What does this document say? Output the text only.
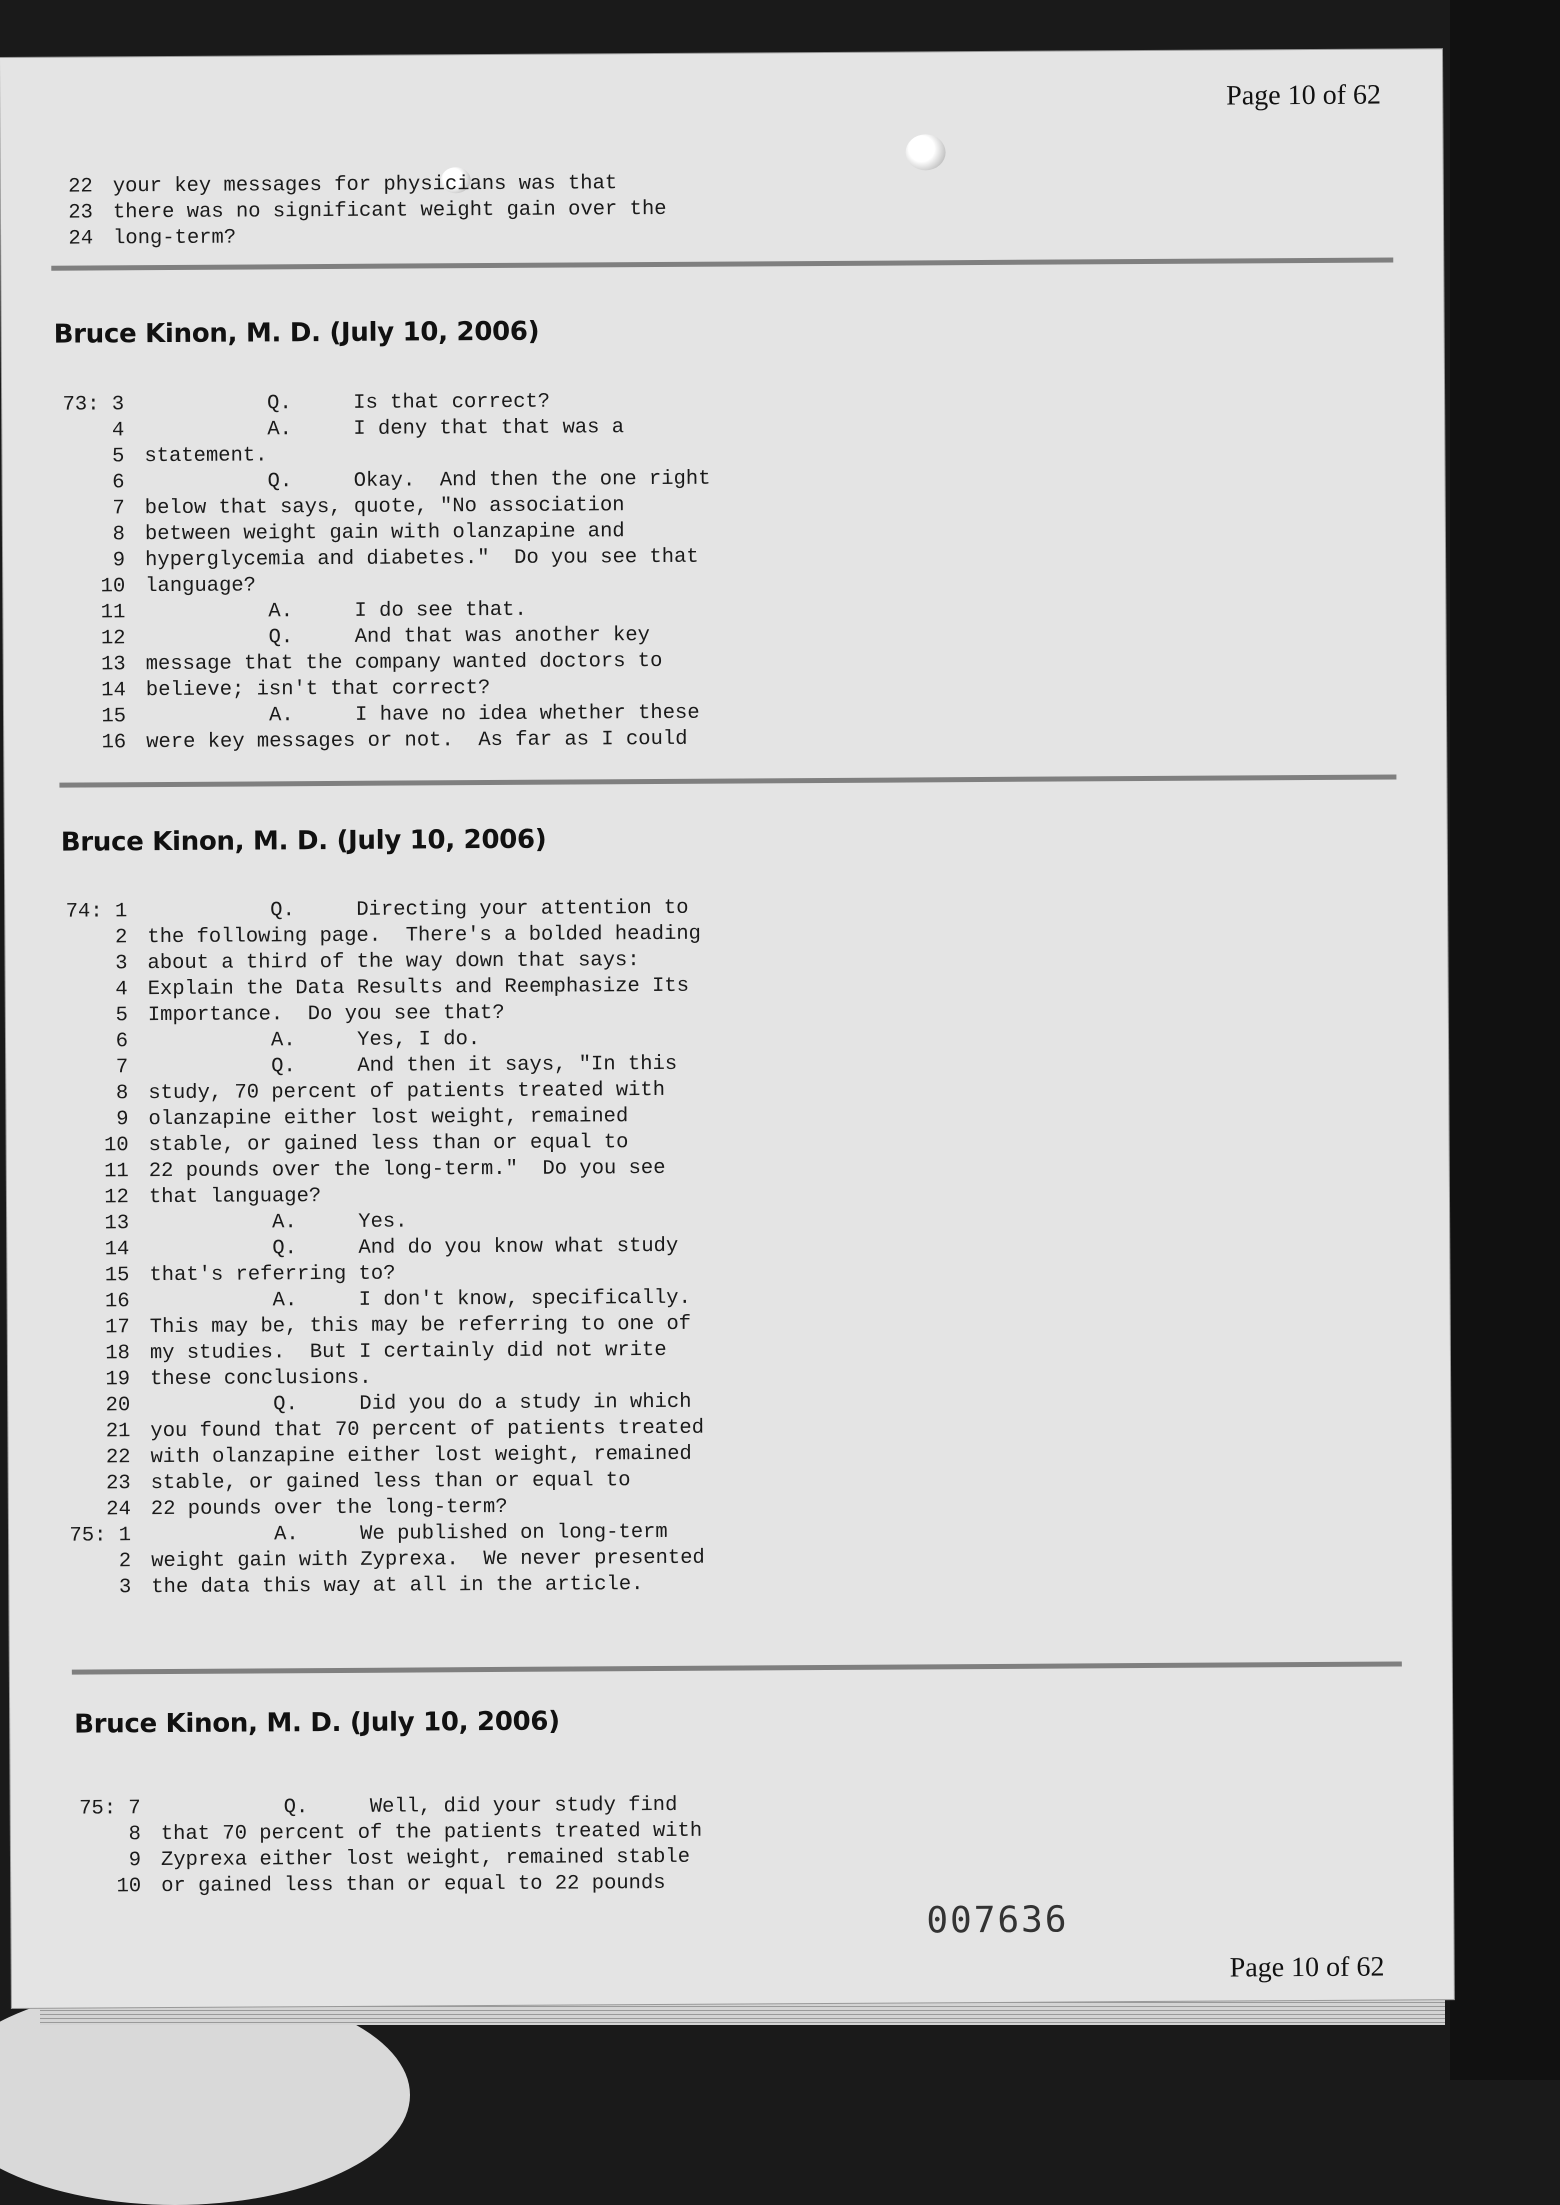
Page 10 of 62
22 your key messages for physicians was that
23 there was no significant weight gain over the
24 long-term?
Bruce Kinon, M. D. (July 10, 2006)
73: 3 Q.     Is that correct?
4 A.     I deny that that was a
5 statement.
6 Q.     Okay.  And then the one right
7 below that says, quote, "No association
8 between weight gain with olanzapine and
9 hyperglycemia and diabetes."  Do you see that
10 language?
11 A.     I do see that.
12 Q.     And that was another key
13 message that the company wanted doctors to
14 believe; isn't that correct?
15 A.     I have no idea whether these
16 were key messages or not.  As far as I could
Bruce Kinon, M. D. (July 10, 2006)
74: 1 Q.     Directing your attention to
2 the following page.  There's a bolded heading
3 about a third of the way down that says:
4 Explain the Data Results and Reemphasize Its
5 Importance.  Do you see that?
6 A.     Yes, I do.
7 Q.     And then it says, "In this
8 study, 70 percent of patients treated with
9 olanzapine either lost weight, remained
10 stable, or gained less than or equal to
11 22 pounds over the long-term."  Do you see
12 that language?
13 A.     Yes.
14 Q.     And do you know what study
15 that's referring to?
16 A.     I don't know, specifically.
17 This may be, this may be referring to one of
18 my studies.  But I certainly did not write
19 these conclusions.
20 Q.     Did you do a study in which
21 you found that 70 percent of patients treated
22 with olanzapine either lost weight, remained
23 stable, or gained less than or equal to
24 22 pounds over the long-term?
75: 1 A.     We published on long-term
2 weight gain with Zyprexa.  We never presented
3 the data this way at all in the article.
Bruce Kinon, M. D. (July 10, 2006)
75: 7 Q.     Well, did your study find
8 that 70 percent of the patients treated with
9 Zyprexa either lost weight, remained stable
10 or gained less than or equal to 22 pounds
007636
Page 10 of 62
